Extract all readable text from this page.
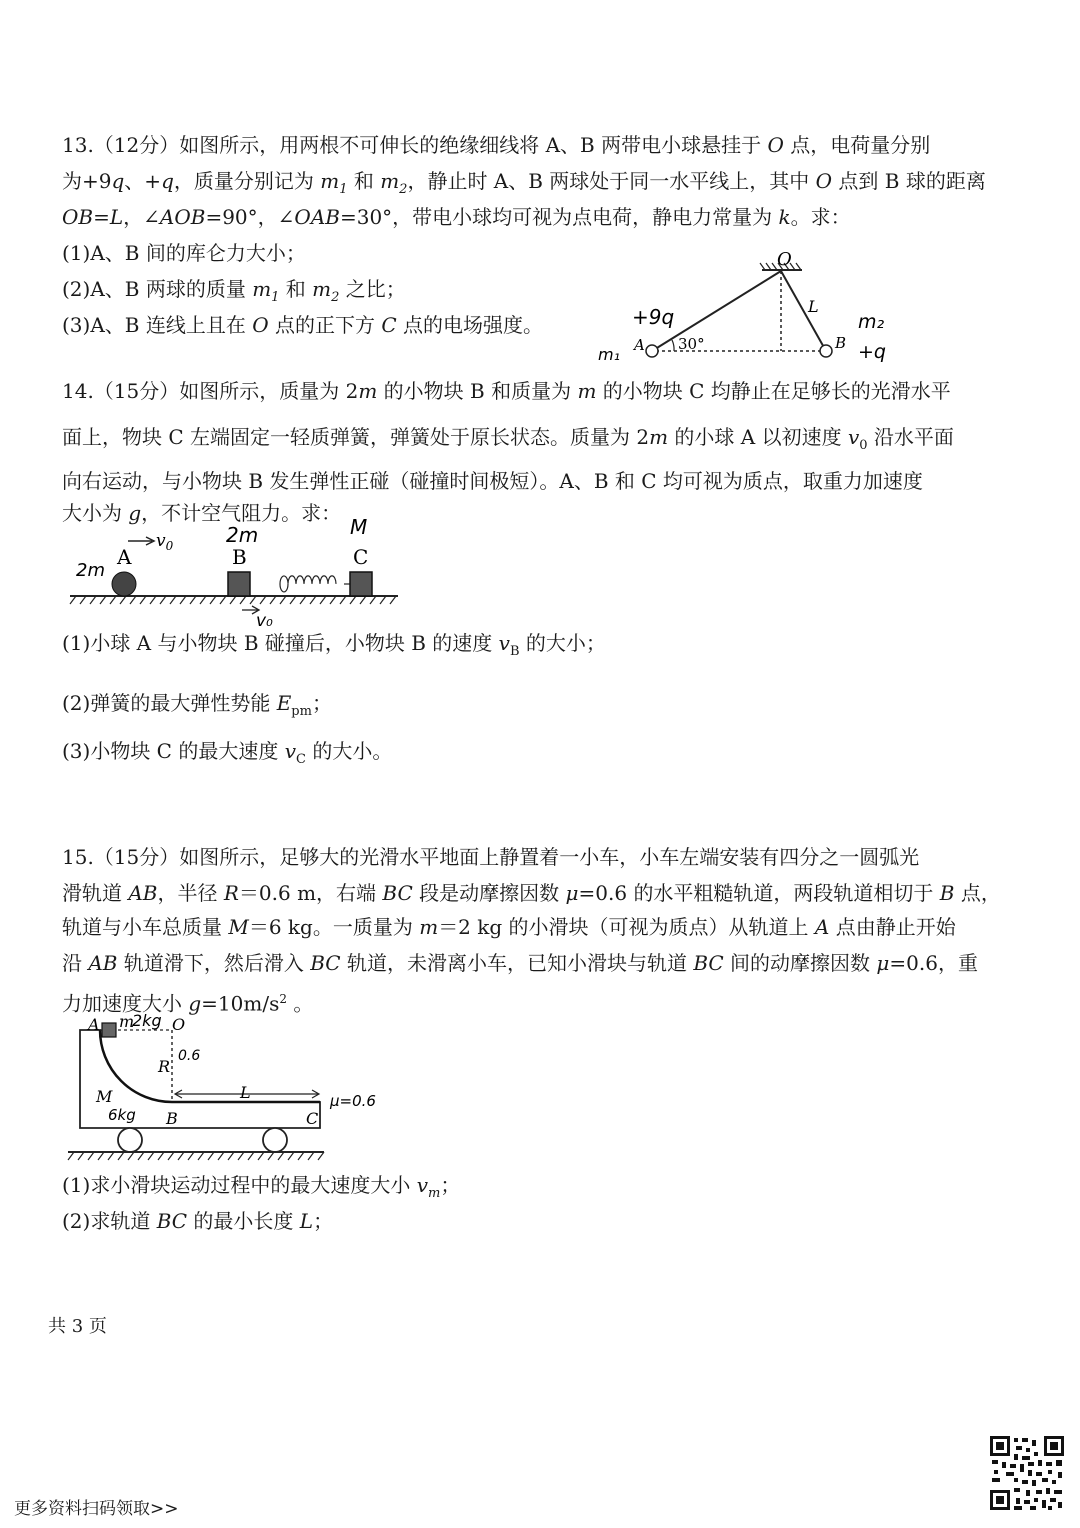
13.（12分）如图所示，用两根不可伸长的绝缘细线将 A、B 两带电小球悬挂于 O 点，电荷量分别
为+9q、+q，质量分别记为 $m_1$ 和 $m_2$，静止时 A、B 两球处于同一水平线上，其中 O 点到 B 球的距离
OB=L，∠AOB=90°，∠OAB=30°，带电小球均可视为点电荷，静电力常量为 k。求：
(1)A、B 间的库仑力大小；
(2)A、B 两球的质量 $m_1$ 和 $m_2$ 之比；
(3)A、B 连线上且在 O 点的正下方 C 点的电场强度。
O
L
A	B
30°
+9q
m₁
m₂
+q
14.（15分）如图所示，质量为 2m 的小物块 B 和质量为 m 的小物块 C 均静止在足够长的光滑水平
面上，物块 C 左端固定一轻质弹簧，弹簧处于原长状态。质量为 2m 的小球 A 以初速度 $v_0$ 沿水平面
向右运动，与小物块 B 发生弹性正碰（碰撞时间极短）。A、B 和 C 均可视为质点，取重力加速度
大小为 g，不计空气阻力。求：
A	B	C
$v_0$
2m
2m	M
v₀
(1)小球 A 与小物块 B 碰撞后，小物块 B 的速度 $v_B$ 的大小；
(2)弹簧的最大弹性势能 $E_{pm}$；
(3)小物块 C 的最大速度 $v_C$ 的大小。
15.（15分）如图所示，足够大的光滑水平地面上静置着一小车，小车左端安装有四分之一圆弧光
滑轨道 AB，半径 R＝0.6 m，右端 BC 段是动摩擦因数 μ=0.6 的水平粗糙轨道，两段轨道相切于 B 点，
轨道与小车总质量 M＝6 kg。一质量为 m＝2 kg 的小滑块（可视为质点）从轨道上 A 点由静止开始
沿 AB 轨道滑下，然后滑入 BC 轨道，未滑离小车，已知小滑块与轨道 BC 间的动摩擦因数 μ=0.6，重
力加速度大小 $g=10m/s^2$ 。
A m O
R
M
B	C
L
2kg
0.6
6kg
μ=0.6
(1)求小滑块运动过程中的最大速度大小 $v_m$；
(2)求轨道 BC 的最小长度 L；
共 3 页
更多资料扫码领取>>
